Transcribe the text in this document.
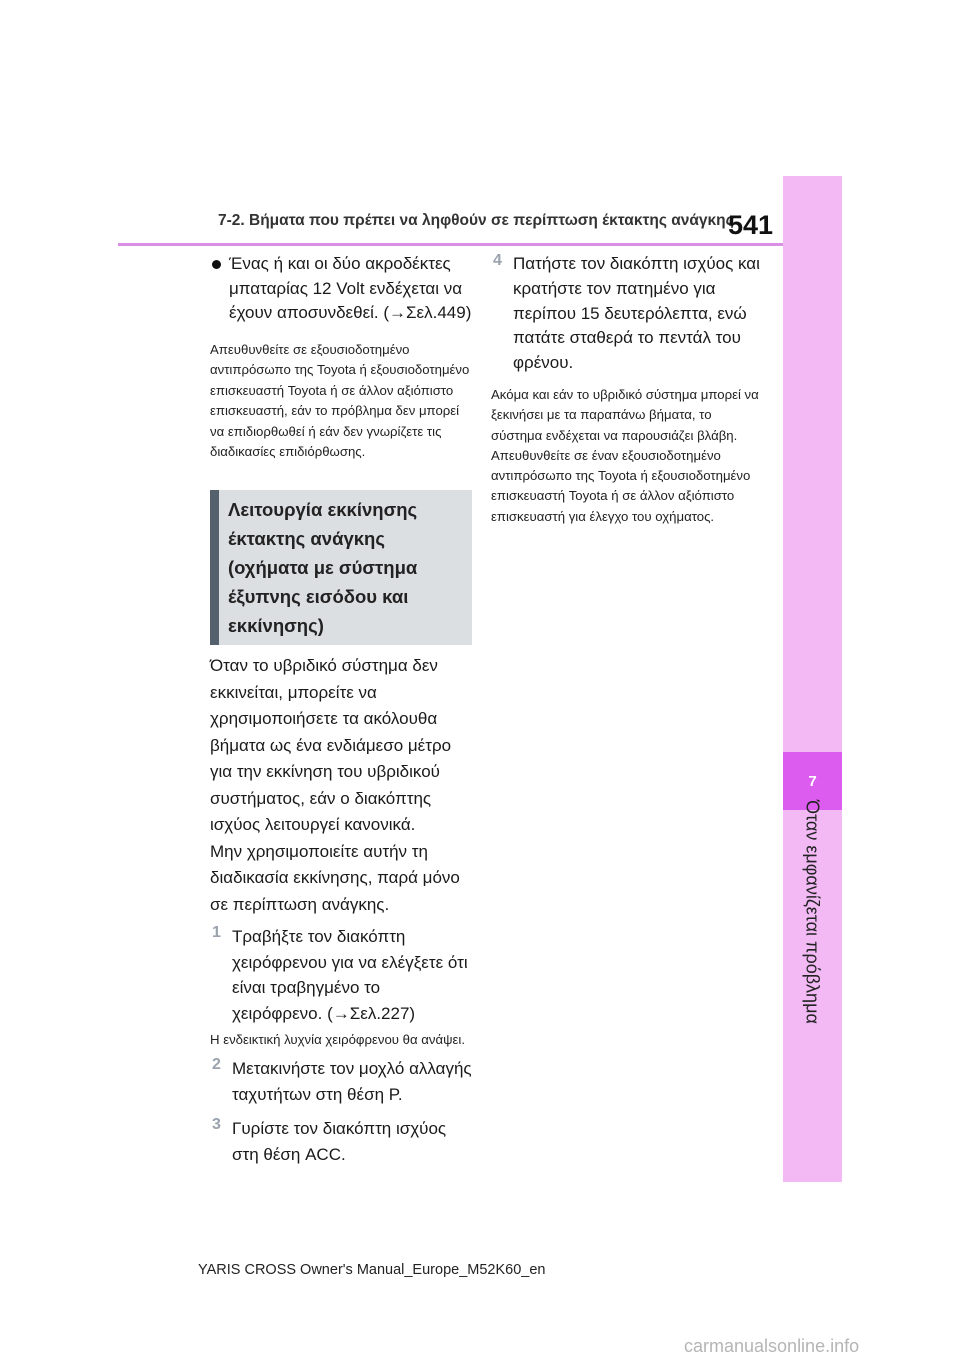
7-2. Βήματα που πρέπει να ληφθούν σε περίπτωση έκτακτης ανάγκης
541
7
Όταν εμφανίζεται πρόβλημα

Ένας ή και οι δύο ακροδέκτες μπαταρίας 12 Volt ενδέχεται να έχουν αποσυνδεθεί. (→Σελ.449)

Απευθυνθείτε σε εξουσιοδοτημένο αντιπρόσωπο της Toyota ή εξουσιοδοτημένο επισκευαστή Toyota ή σε άλλον αξιόπιστο επισκευαστή, εάν το πρόβλημα δεν μπορεί να επιδιορθωθεί ή εάν δεν γνωρίζετε τις διαδικασίες επιδιόρθωσης.

Λειτουργία εκκίνησης έκτακτης ανάγκης (οχήματα με σύστημα έξυπνης εισόδου και εκκίνησης)

Όταν το υβριδικό σύστημα δεν εκκινείται, μπορείτε να χρησιμοποιήσετε τα ακόλουθα βήματα ως ένα ενδιάμεσο μέτρο για την εκκίνηση του υβριδικού συστήματος, εάν ο διακόπτης ισχύος λειτουργεί κανονικά.

Μην χρησιμοποιείτε αυτήν τη διαδικασία εκκίνησης, παρά μόνο σε περίπτωση ανάγκης.

1 Τραβήξτε τον διακόπτη χειρόφρενου για να ελέγξετε ότι είναι τραβηγμένο το χειρόφρενο. (→Σελ.227)

Η ενδεικτική λυχνία χειρόφρενου θα ανάψει.

2 Μετακινήστε τον μοχλό αλλαγής ταχυτήτων στη θέση P.
3 Γυρίστε τον διακόπτη ισχύος στη θέση ACC.
4 Πατήστε τον διακόπτη ισχύος και κρατήστε τον πατημένο για περίπου 15 δευτερόλεπτα, ενώ πατάτε σταθερά το πεντάλ του φρένου.

Ακόμα και εάν το υβριδικό σύστημα μπορεί να ξεκινήσει με τα παραπάνω βήματα, το σύστημα ενδέχεται να παρουσιάζει βλάβη. Απευθυνθείτε σε έναν εξουσιοδοτημένο αντιπρόσωπο της Toyota ή εξουσιοδοτημένο επισκευαστή Toyota ή σε άλλον αξιόπιστο επισκευαστή για έλεγχο του οχήματος.

YARIS CROSS Owner's Manual_Europe_M52K60_en
carmanualsonline.info
